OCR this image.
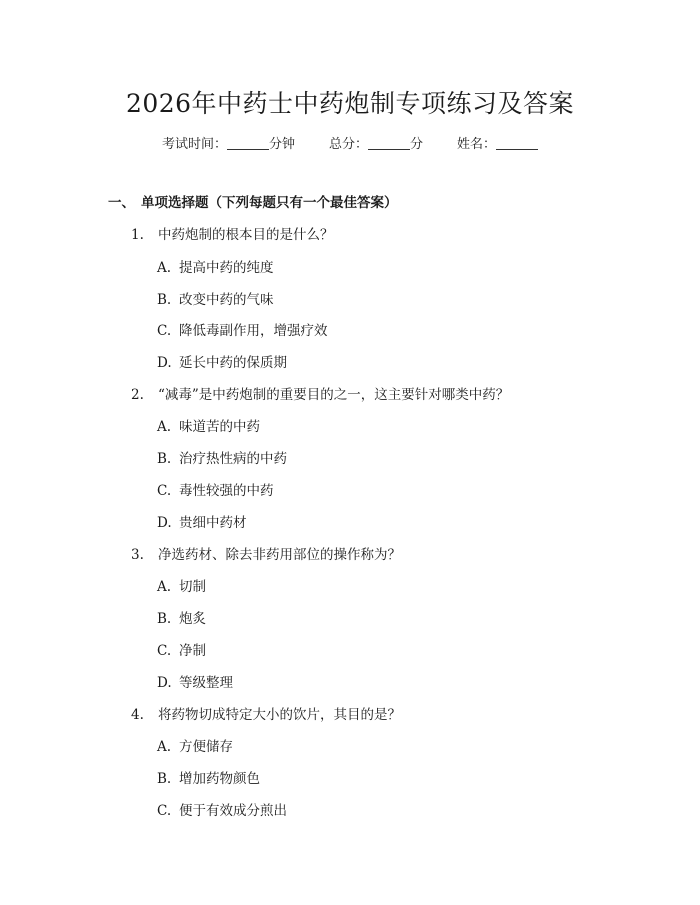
2026年中药士中药炮制专项练习及答案
考试时间：	分钟	总分：	分	姓名：
一、 单项选择题（下列每题只有一个最佳答案）
1. 中药炮制的根本目的是什么？
A. 提高中药的纯度
B. 改变中药的气味
C. 降低毒副作用，增强疗效
D. 延长中药的保质期
2. “减毒”是中药炮制的重要目的之一，这主要针对哪类中药？
A. 味道苦的中药
B. 治疗热性病的中药
C. 毒性较强的中药
D. 贵细中药材
3. 净选药材、除去非药用部位的操作称为？
A. 切制
B. 炮炙
C. 净制
D. 等级整理
4. 将药物切成特定大小的饮片，其目的是？
A. 方便储存
B. 增加药物颜色
C. 便于有效成分煎出
